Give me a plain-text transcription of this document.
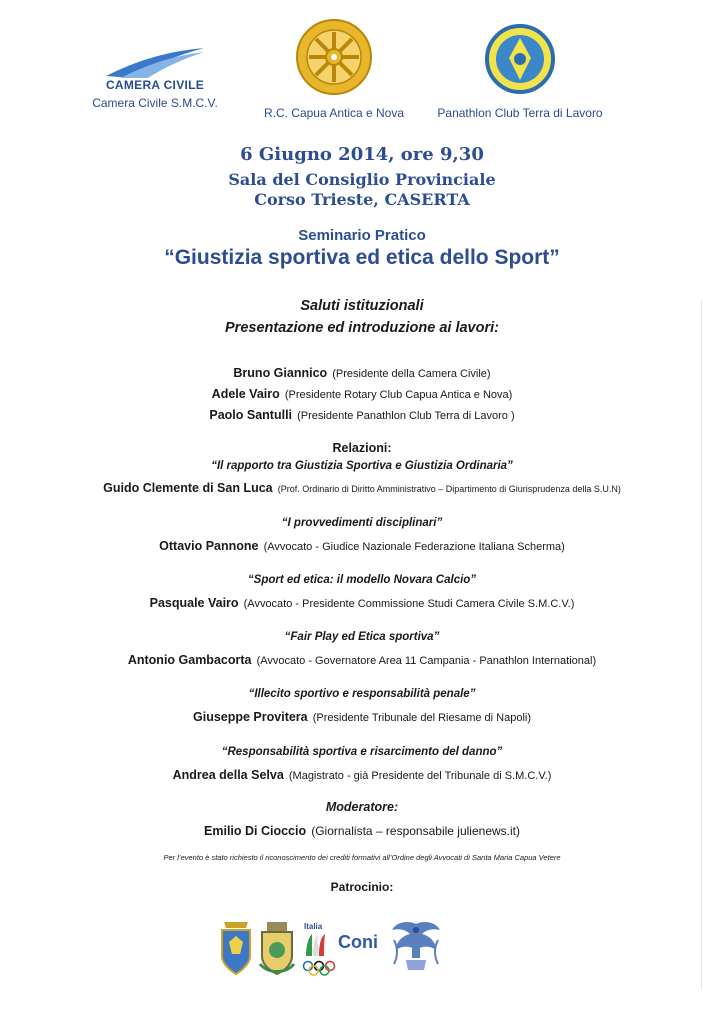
CAMERA CIVILE
Camera Civile S.M.C.V.
R.C. Capua Antica e Nova	Panathlon Club Terra di Lavoro
6 Giugno 2014, ore 9,30
Sala del Consiglio Provinciale
Corso Trieste, CASERTA
Seminario Pratico
“Giustizia sportiva ed etica dello Sport”
Saluti istituzionali
Presentazione ed introduzione ai lavori:
Bruno Giannico (Presidente della Camera Civile)
Adele Vairo (Presidente Rotary Club Capua Antica e Nova)
Paolo Santulli (Presidente Panathlon Club Terra di Lavoro )
Relazioni:
“Il rapporto tra Giustizia Sportiva e Giustizia Ordinaria”
Guido Clemente di San Luca (Prof. Ordinario di Diritto Amministrativo – Dipartimento di Giurisprudenza della S.U.N)
“I provvedimenti disciplinari”
Ottavio Pannone (Avvocato - Giudice Nazionale Federazione Italiana Scherma)
“Sport ed etica: il modello Novara Calcio”
Pasquale Vairo (Avvocato - Presidente Commissione Studi Camera Civile S.M.C.V.)
“Fair Play ed Etica sportiva”
Antonio Gambacorta (Avvocato - Governatore Area 11 Campania - Panathlon International)
“Illecito sportivo e responsabilità penale”
Giuseppe Provitera (Presidente Tribunale del Riesame di Napoli)
“Responsabilità sportiva e risarcimento del danno”
Andrea della Selva (Magistrato - già Presidente del Tribunale di S.M.C.V.)
Moderatore:
Emilio Di Cioccio (Giornalista – responsabile julienews.it)
Per l’evento è stato richiesto il riconoscimento dei crediti formativi all’Ordine degli Avvocati di Santa Maria Capua Vetere
Patrocinio:
Italia
Coni
